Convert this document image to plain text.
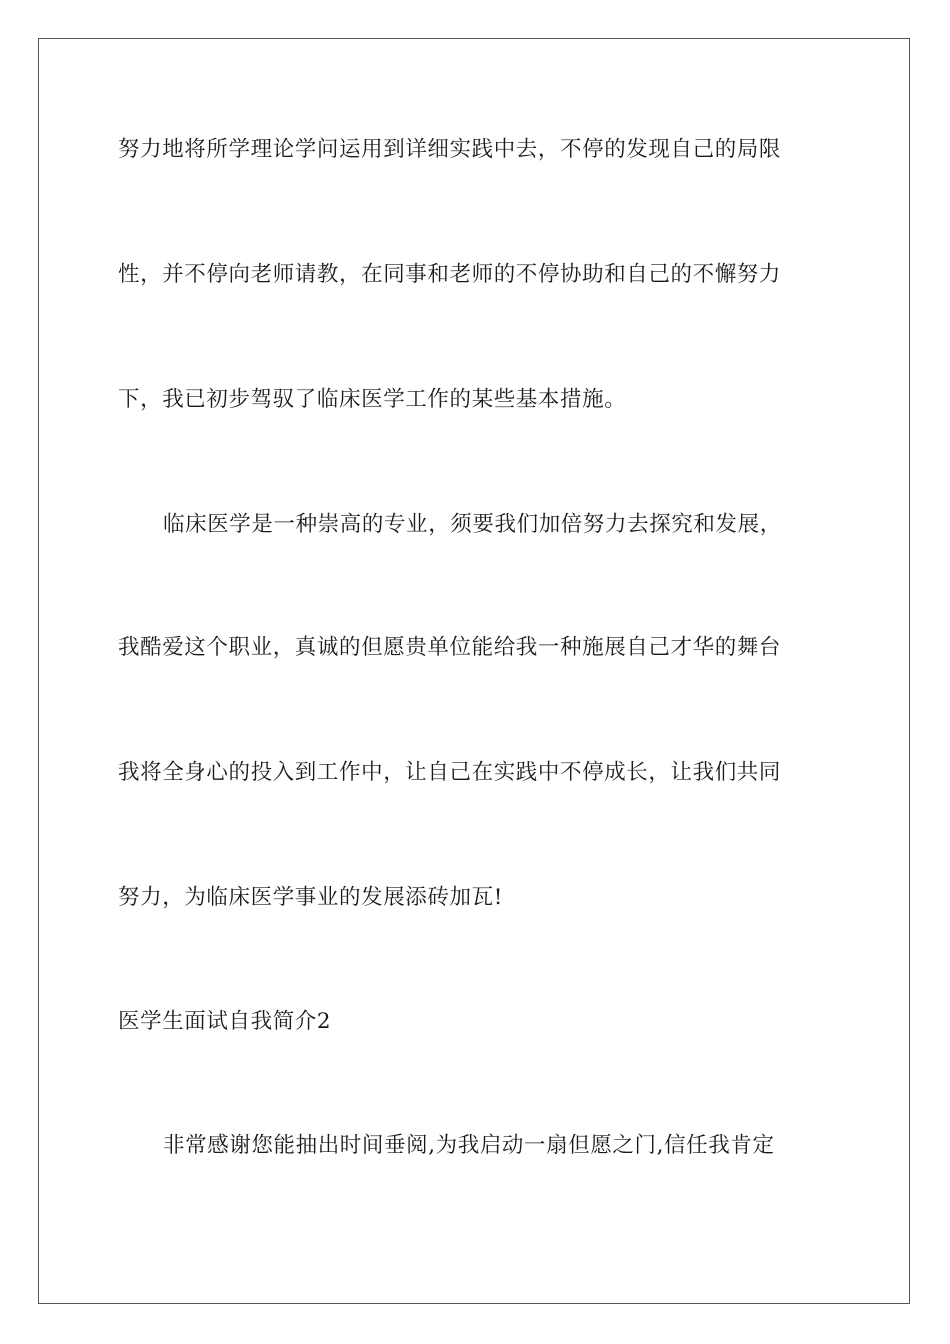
努力地将所学理论学问运用到详细实践中去，不停的发现自己的局限
性，并不停向老师请教，在同事和老师的不停协助和自己的不懈努力
下，我已初步驾驭了临床医学工作的某些基本措施。
临床医学是一种崇高的专业，须要我们加倍努力去探究和发展，
我酷爱这个职业，真诚的但愿贵单位能给我一种施展自己才华的舞台
我将全身心的投入到工作中，让自己在实践中不停成长，让我们共同
努力，为临床医学事业的发展添砖加瓦!
医学生面试自我简介2
非常感谢您能抽出时间垂阅,为我启动一扇但愿之门,信任我肯定
